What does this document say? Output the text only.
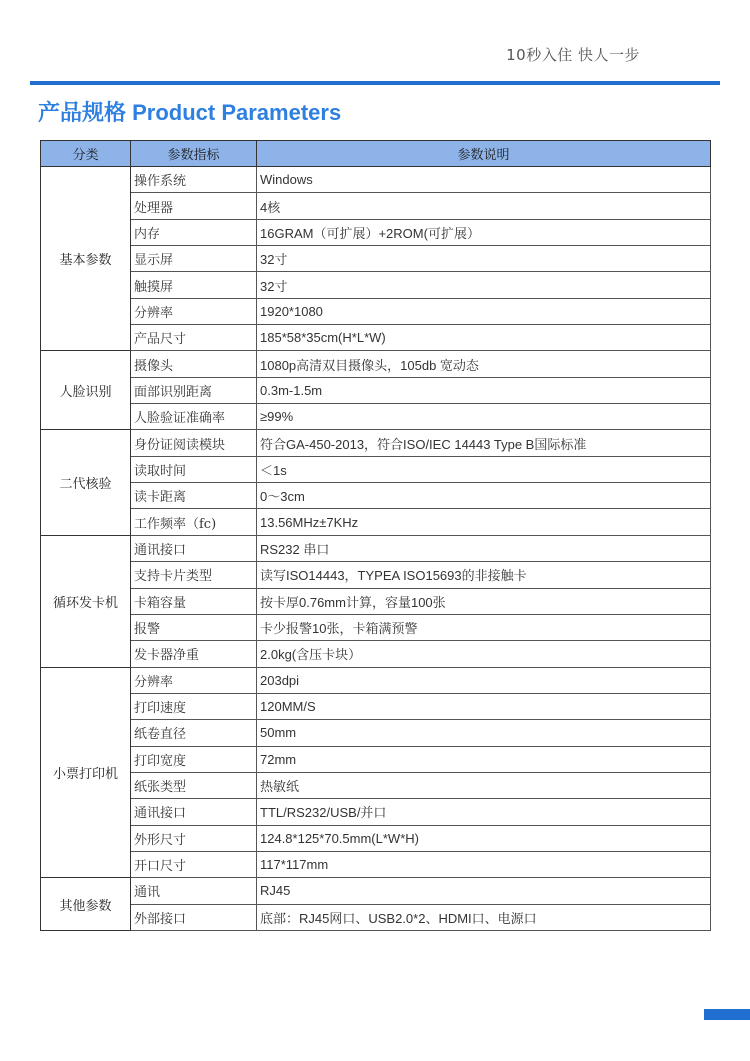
10秒入住 快人一步
产品规格 Product Parameters
分类	参数指标	参数说明
基本参数	操作系统	Windows
	处理器	4核
	内存	16GRAM（可扩展）+2ROM(可扩展）
	显示屏	32寸
	触摸屏	32寸
	分辨率	1920*1080
	产品尺寸	185*58*35cm(H*L*W)
人脸识别	摄像头	1080p高清双目摄像头，105db 宽动态
	面部识别距离	0.3m-1.5m
	人脸验证准确率	≥99%
二代核验	身份证阅读模块	符合GA-450-2013，符合ISO/IEC 14443 Type B国际标准
	读取时间	＜1s
	读卡距离	0～3cm
	工作频率（fc)	13.56MHz±7KHz
循环发卡机	通讯接口	RS232 串口
	支持卡片类型	读写ISO14443，TYPEA ISO15693的非接触卡
	卡箱容量	按卡厚0.76mm计算，容量100张
	报警	卡少报警10张，卡箱满预警
	发卡器净重	2.0kg(含压卡块）
小票打印机	分辨率	203dpi
	打印速度	120MM/S
	纸卷直径	50mm
	打印宽度	72mm
	纸张类型	热敏纸
	通讯接口	TTL/RS232/USB/并口
	外形尺寸	124.8*125*70.5mm(L*W*H)
	开口尺寸	117*117mm
其他参数	通讯	RJ45
	外部接口	底部：RJ45网口、USB2.0*2、HDMI口、电源口
